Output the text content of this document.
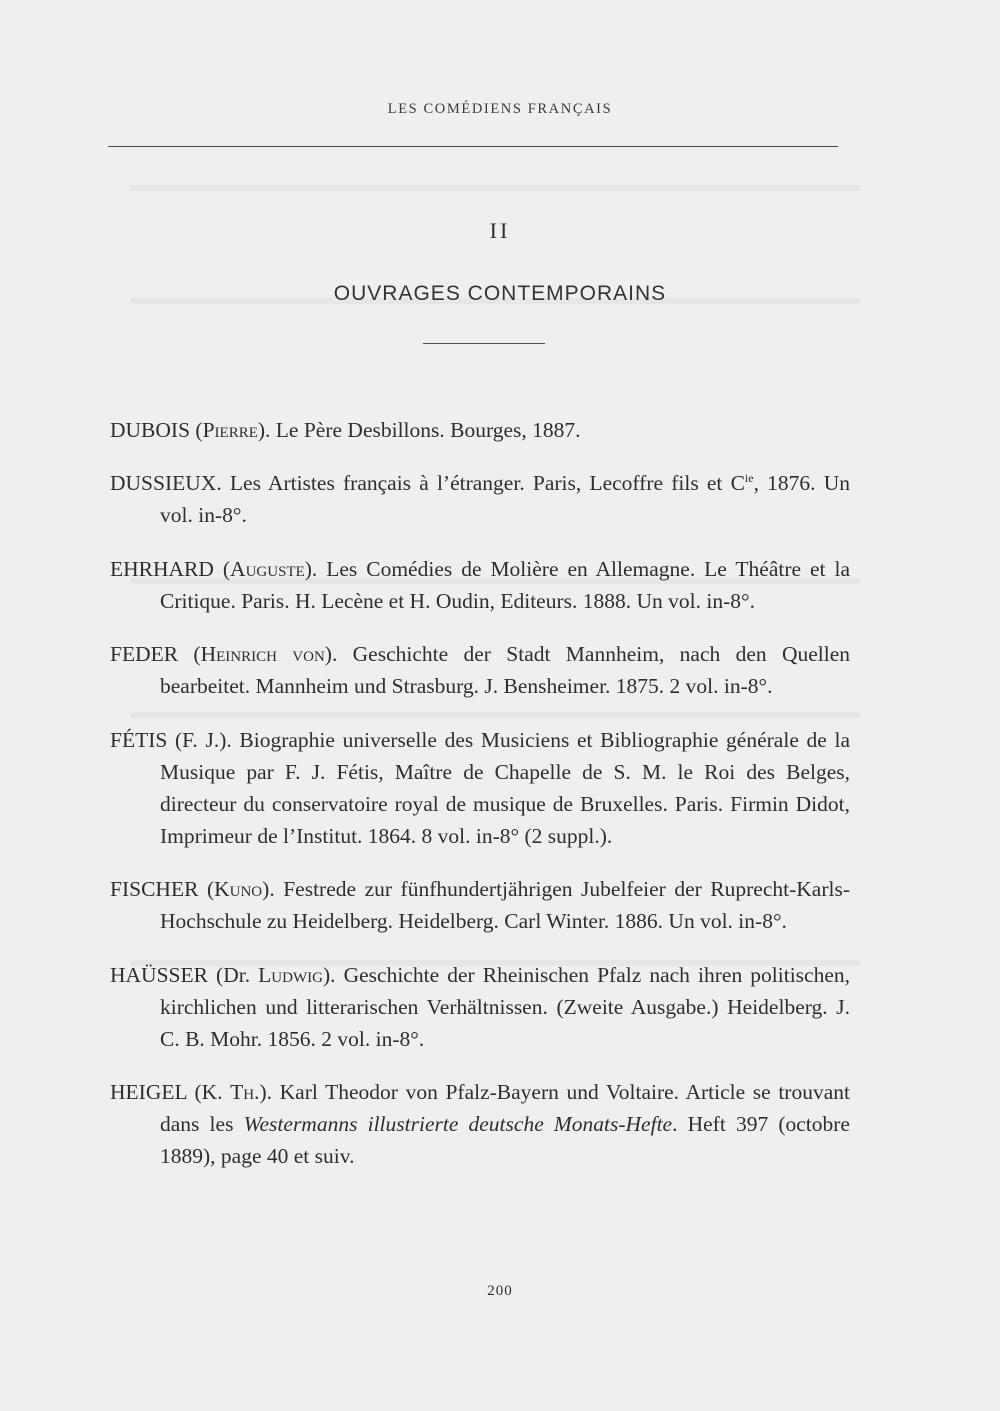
LES COMÉDIENS FRANÇAIS
II
OUVRAGES CONTEMPORAINS

DUBOIS (Pierre). Le Père Desbillons. Bourges, 1887.

DUSSIEUX. Les Artistes français à l’étranger. Paris, Lecoffre fils et $C^{ie}$, 1876. Un vol. in-8°.

EHRHARD (Auguste). Les Comédies de Molière en Allemagne. Le Théâtre et la Critique. Paris. H. Lecène et H. Oudin, Editeurs. 1888. Un vol. in-8°.

FEDER (Heinrich von). Geschichte der Stadt Mannheim, nach den Quellen bearbeitet. Mannheim und Strasburg. J. Bensheimer. 1875. 2 vol. in-8°.

FÉTIS (F. J.). Biographie universelle des Musiciens et Bibliographie générale de la Musique par F. J. Fétis, Maître de Chapelle de S. M. le Roi des Belges, directeur du conservatoire royal de musique de Bruxelles. Paris. Firmin Didot, Imprimeur de l’Institut. 1864. 8 vol. in-8° (2 suppl.).

FISCHER (Kuno). Festrede zur fünfhundertjährigen Jubelfeier der Ruprecht-Karls-Hochschule zu Heidelberg. Heidelberg. Carl Winter. 1886. Un vol. in-8°.

HAÜSSER (Dr. Ludwig). Geschichte der Rheinischen Pfalz nach ihren politischen, kirchlichen und litterarischen Verhältnissen. (Zweite Ausgabe.) Heidelberg. J. C. B. Mohr. 1856. 2 vol. in-8°.

HEIGEL (K. Th.). Karl Theodor von Pfalz-Bayern und Voltaire. Article se trouvant dans les Westermanns illustrierte deutsche Monats-Hefte. Heft 397 (octobre 1889), page 40 et suiv.

200
